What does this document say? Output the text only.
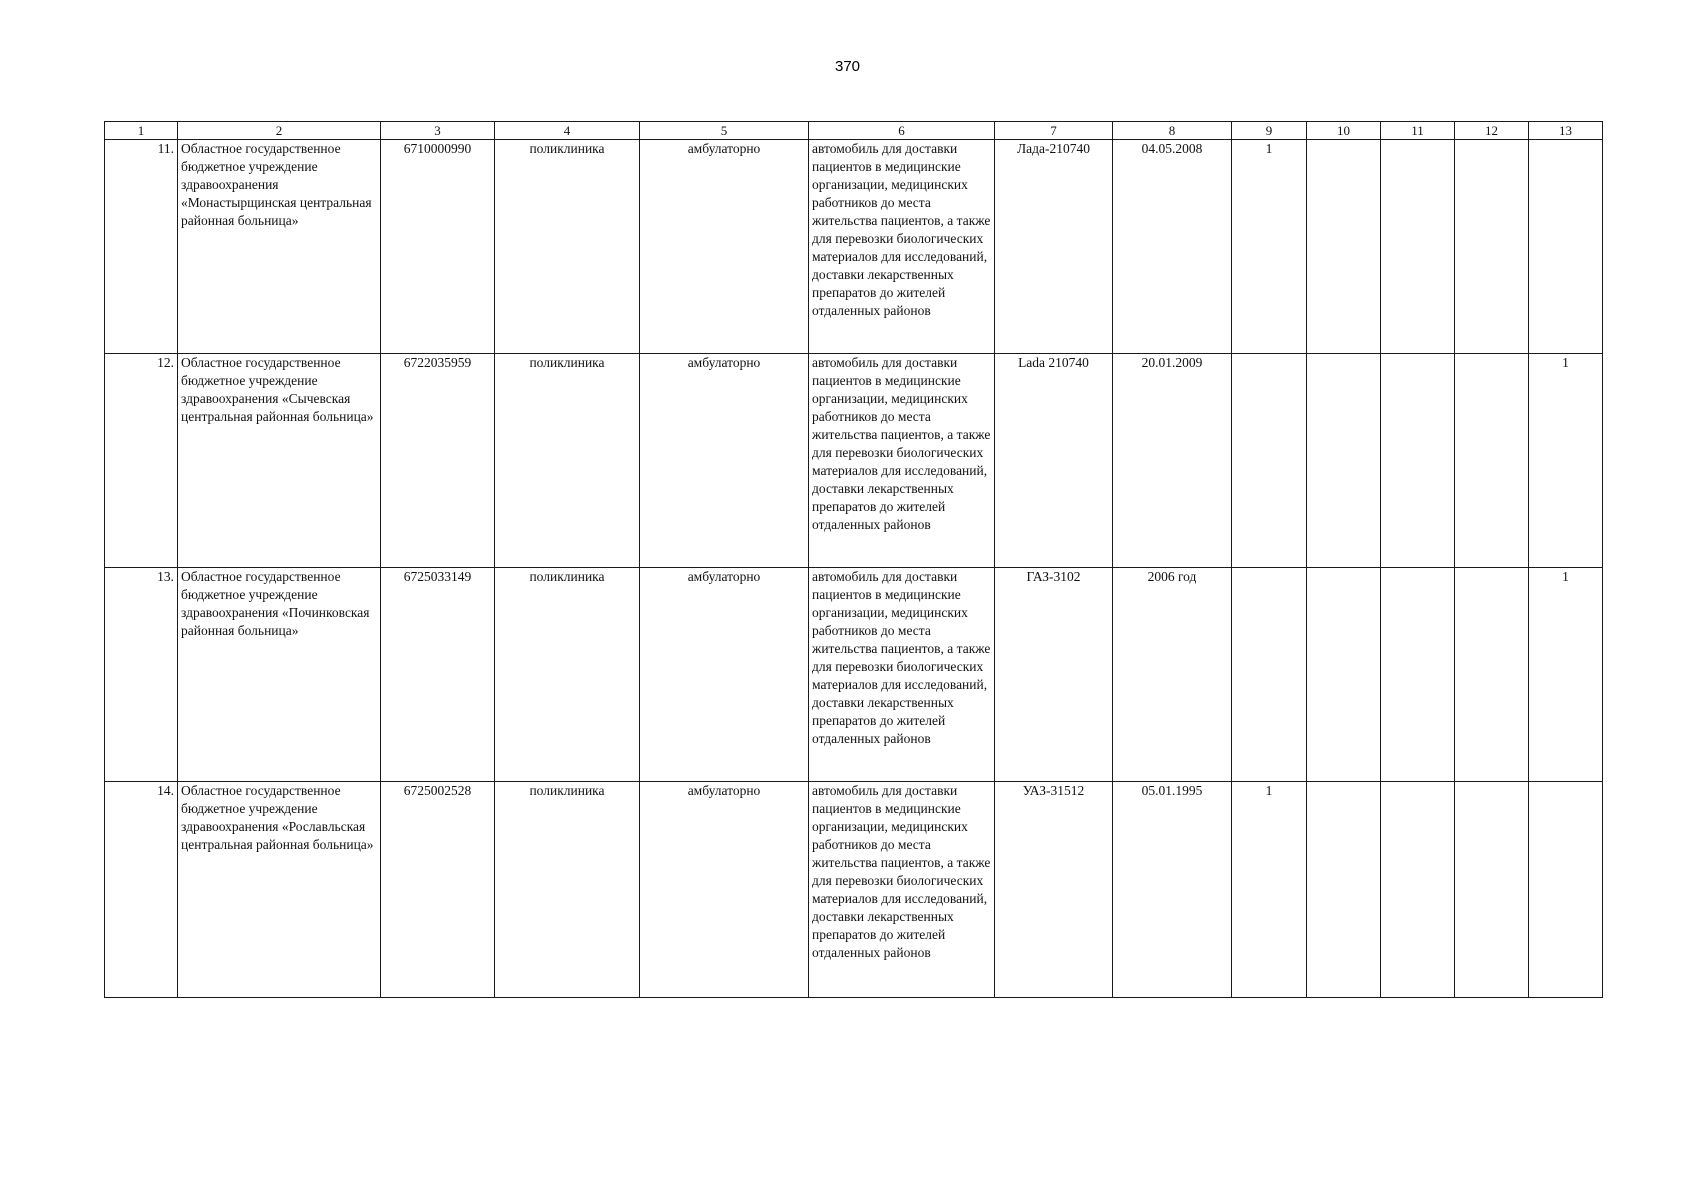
370
1	2	3	4	5	6	7	8	9	10	11	12	13
11.	Областное государственное бюджетное учреждение здравоохранения «Монастырщинская центральная районная больница»	6710000990	поликлиника	амбулаторно	автомобиль для доставки пациентов в медицинские организации, медицинских работников до места жительства пациентов, а также для перевозки биологических материалов для исследований, доставки лекарственных препаратов до жителей отдаленных районов	Лада-210740	04.05.2008	1				
12.	Областное государственное бюджетное учреждение здравоохранения «Сычевская центральная районная больница»	6722035959	поликлиника	амбулаторно	автомобиль для доставки пациентов в медицинские организации, медицинских работников до места жительства пациентов, а также для перевозки биологических материалов для исследований, доставки лекарственных препаратов до жителей отдаленных районов	Lada 210740	20.01.2009					1
13.	Областное государственное бюджетное учреждение здравоохранения «Починковская районная больница»	6725033149	поликлиника	амбулаторно	автомобиль для доставки пациентов в медицинские организации, медицинских работников до места жительства пациентов, а также для перевозки биологических материалов для исследований, доставки лекарственных препаратов до жителей отдаленных районов	ГАЗ-3102	2006 год					1
14.	Областное государственное бюджетное учреждение здравоохранения «Рославльская центральная районная больница»	6725002528	поликлиника	амбулаторно	автомобиль для доставки пациентов в медицинские организации, медицинских работников до места жительства пациентов, а также для перевозки биологических материалов для исследований, доставки лекарственных препаратов до жителей отдаленных районов	УАЗ-31512	05.01.1995	1				
